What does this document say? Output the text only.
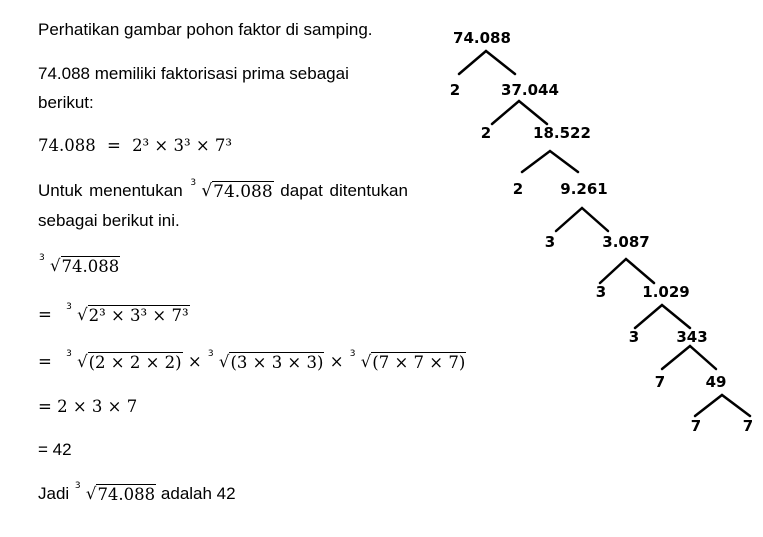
Perhatikan gambar pohon faktor di samping.
74.088 memiliki faktorisasi prima sebagai
berikut:
74.088 = 2³ × 3³ × 7³
Untuk menentukan 3 √ 74.088 dapat ditentukan
sebagai berikut ini.
3 √ 74.088
= 3 √ 2³ × 3³ × 7³
= 3 √ (2 × 2 × 2) × 3 √ (3 × 3 × 3) × 3 √ (7 × 7 × 7)
= 2 × 3 × 7
= 42
Jadi 3 √ 74.088 adalah 42
74.088
2	37.044
2	18.522
2 9.261
3	3.087
3 1.029
3 343
7	49
7	7
